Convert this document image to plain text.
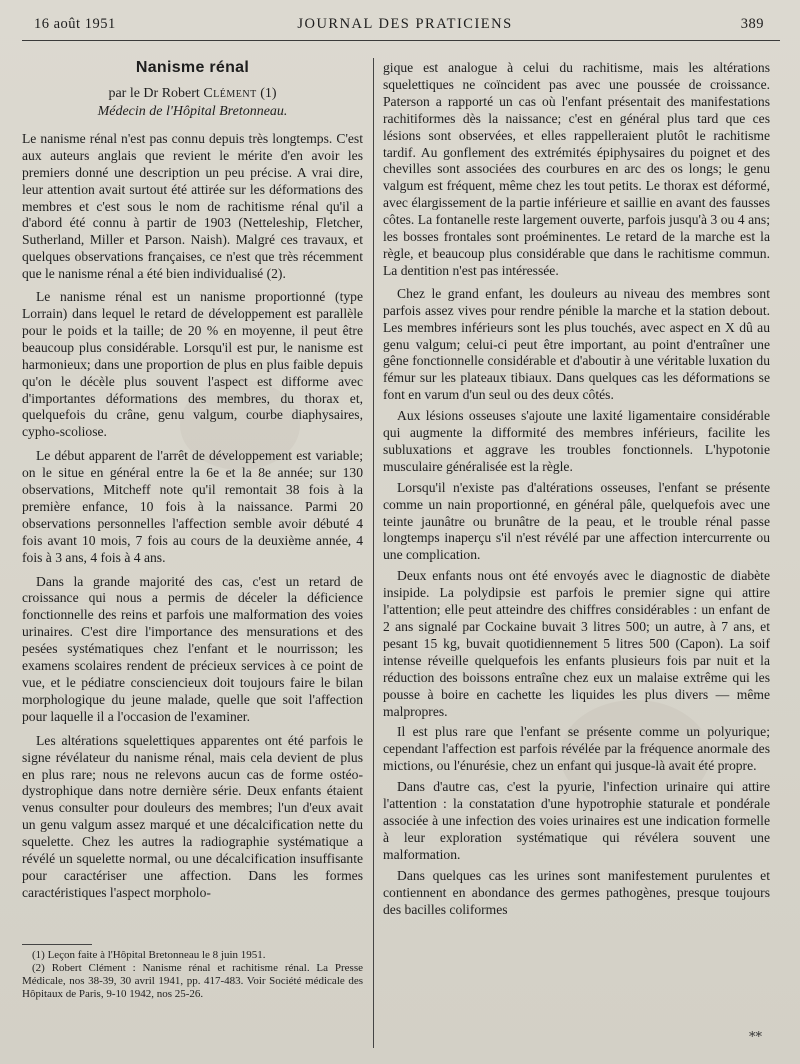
16 août 1951	JOURNAL DES PRATICIENS	389
Nanisme rénal
par le Dr Robert Clément (1)
Médecin de l'Hôpital Bretonneau.

Le nanisme rénal n'est pas connu depuis très longtemps. C'est aux auteurs anglais que revient le mérite d'en avoir les premiers donné une description un peu précise. A vrai dire, leur attention avait surtout été attirée sur les déformations des membres et c'est sous le nom de rachitisme rénal qu'il a d'abord été connu à partir de 1903 (Netteleship, Fletcher, Sutherland, Miller et Parson. Naish). Malgré ces travaux, et quelques observations françaises, ce n'est que très récemment que le nanisme rénal a été bien individualisé (2).

Le nanisme rénal est un nanisme proportionné (type Lorrain) dans lequel le retard de développement est parallèle pour le poids et la taille; de 20 % en moyenne, il peut être beaucoup plus considérable. Lorsqu'il est pur, le nanisme est harmonieux; dans une proportion de plus en plus faible depuis qu'on le décèle plus souvent l'aspect est difforme avec d'importantes déformations des membres, du thorax et, quelquefois du crâne, genu valgum, courbe diaphysaires, cypho-scoliose.

Le début apparent de l'arrêt de développement est variable; on le situe en général entre la 6e et la 8e année; sur 130 observations, Mitcheff note qu'il remontait 38 fois à la première enfance, 10 fois à la naissance. Parmi 20 observations personnelles l'affection semble avoir débuté 4 fois avant 10 mois, 7 fois au cours de la deuxième année, 4 fois à 3 ans, 4 fois à 4 ans.

Dans la grande majorité des cas, c'est un retard de croissance qui nous a permis de déceler la déficience fonctionnelle des reins et parfois une malformation des voies urinaires. C'est dire l'importance des mensurations et des pesées systématiques chez l'enfant et le nourrisson; les examens scolaires rendent de précieux services à ce point de vue, et le pédiatre consciencieux doit toujours faire le bilan morphologique du jeune malade, quelle que soit l'affection pour laquelle il a l'occasion de l'examiner.

Les altérations squelettiques apparentes ont été parfois le signe révélateur du nanisme rénal, mais cela devient de plus en plus rare; nous ne relevons aucun cas de forme ostéo-dystrophique dans notre dernière série. Deux enfants étaient venus consulter pour douleurs des membres; l'un d'eux avait un genu valgum assez marqué et une décalcification nette du squelette. Chez les autres la radiographie systématique a révélé un squelette normal, ou une décalcification insuffisante pour caractériser une affection. Dans les formes caractéristiques l'aspect morpholo-

(1) Leçon faite à l'Hôpital Bretonneau le 8 juin 1951.

(2) Robert Clément : Nanisme rénal et rachitisme rénal. La Presse Médicale, nos 38-39, 30 avril 1941, pp. 417-483. Voir Société médicale des Hôpitaux de Paris, 9-10 1942, nos 25-26.

gique est analogue à celui du rachitisme, mais les altérations squelettiques ne coïncident pas avec une poussée de croissance. Paterson a rapporté un cas où l'enfant présentait des manifestations rachitiformes dès la naissance; c'est en général plus tard que ces lésions sont observées, et elles rappelleraient plutôt le rachitisme tardif. Au gonflement des extrémités épiphysaires du poignet et des chevilles sont associées des courbures en arc des os longs; le genu valgum est fréquent, même chez les tout petits. Le thorax est déformé, avec élargissement de la partie inférieure et saillie en avant des fausses côtes. La fontanelle reste largement ouverte, parfois jusqu'à 3 ou 4 ans; les bosses frontales sont proéminentes. Le retard de la marche est la règle, et beaucoup plus considérable que dans le rachitisme commun. La dentition n'est pas intéressée.

Chez le grand enfant, les douleurs au niveau des membres sont parfois assez vives pour rendre pénible la marche et la station debout. Les membres inférieurs sont les plus touchés, avec aspect en X dû au genu valgum; celui-ci peut être important, au point d'entraîner une gêne fonctionnelle considérable et d'aboutir à une véritable luxation du fémur sur les plateaux tibiaux. Dans quelques cas les déformations se font en varum d'un seul ou des deux côtés.

Aux lésions osseuses s'ajoute une laxité ligamentaire considérable qui augmente la difformité des membres inférieurs, facilite les subluxations et aggrave les troubles fonctionnels. L'hypotonie musculaire généralisée est la règle.

Lorsqu'il n'existe pas d'altérations osseuses, l'enfant se présente comme un nain proportionné, en général pâle, quelquefois avec une teinte jaunâtre ou brunâtre de la peau, et le trouble rénal passe longtemps inaperçu s'il n'est révélé par une affection intercurrente ou une complication.

Deux enfants nous ont été envoyés avec le diagnostic de diabète insipide. La polydipsie est parfois le premier signe qui attire l'attention; elle peut atteindre des chiffres considérables : un enfant de 2 ans signalé par Cockaine buvait 3 litres 500; un autre, à 7 ans, et pesant 15 kg, buvait quotidiennement 5 litres 500 (Capon). La soif intense réveille quelquefois les enfants plusieurs fois par nuit et la réduction des boissons entraîne chez eux un malaise extrême qui les pousse à boire en cachette les liquides les plus divers — même malpropres.

Il est plus rare que l'enfant se présente comme un polyurique; cependant l'affection est parfois révélée par la fréquence anormale des mictions, ou l'énurésie, chez un enfant qui jusque-là avait été propre.

Dans d'autre cas, c'est la pyurie, l'infection urinaire qui attire l'attention : la constatation d'une hypotrophie staturale et pondérale associée à une infection des voies urinaires est une indication formelle à leur exploration systématique qui révélera souvent une malformation.

Dans quelques cas les urines sont manifestement purulentes et contiennent en abondance des germes pathogènes, presque toujours des bacilles coliformes

**
